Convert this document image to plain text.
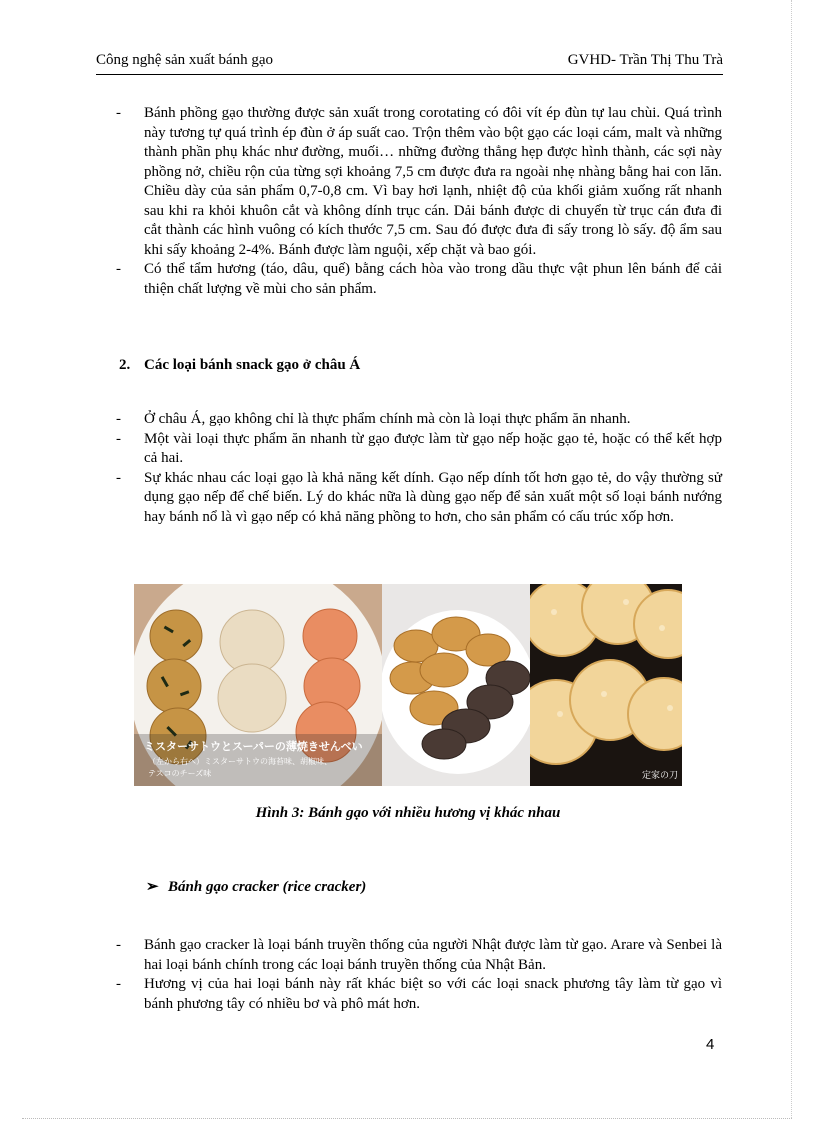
Công nghệ sản xuất bánh gạo	GVHD- Trần Thị Thu Trà
- Bánh phồng gạo thường được sản xuất trong corotating có đôi vít ép đùn tự lau chùi. Quá trình này tương tự quá trình ép đùn ở áp suất cao. Trộn thêm vào bột gạo các loại cám, malt và những thành phần phụ khác như đường, muối… những đường thẳng hẹp được hình thành, các sợi này phồng nở, chiều rộn của từng sợi khoảng 7,5 cm được đưa ra ngoài nhẹ nhàng bằng hai con lăn. Chiều dày của sản phẩm 0,7-0,8 cm. Vì bay hơi lạnh, nhiệt độ của khối giảm xuống rất nhanh sau khi ra khỏi khuôn cắt và không dính trục cán. Dải bánh được di chuyển từ trục cán đưa đi cắt thành các hình vuông có kích thước 7,5 cm. Sau đó được đưa đi sấy trong lò sấy. độ ẩm sau khi sấy khoảng 2-4%. Bánh được làm nguội, xếp chặt và bao gói.
- Có thể tẩm hương (táo, dâu, quế) bằng cách hòa vào trong dầu thực vật phun lên bánh để cải thiện chất lượng về mùi cho sản phẩm.
2. Các loại bánh snack gạo ở châu Á
- Ở châu Á, gạo không chỉ là thực phẩm chính mà còn là loại thực phẩm ăn nhanh.
- Một vài loại thực phẩm ăn nhanh từ gạo được làm từ gạo nếp hoặc gạo tẻ, hoặc có thể kết hợp cả hai.
- Sự khác nhau các loại gạo là khả năng kết dính. Gạo nếp dính tốt hơn gạo tẻ, do vậy thường sử dụng gạo nếp để chế biến. Lý do khác nữa là dùng gạo nếp để sản xuất một số loại bánh nướng hay bánh nổ là vì gạo nếp có khả năng phồng to hơn, cho sản phẩm có cấu trúc xốp hơn.
ミスターサトウとスーパーの薄焼きせんべい
（左から右へ）ミスターサトウの海苔味、胡椒味、
テスコのチーズ味	定家の刀
Hình 3: Bánh gạo với nhiều hương vị khác nhau
➢ Bánh gạo cracker (rice cracker)
- Bánh gạo cracker là loại bánh truyền thống của người Nhật được làm từ gạo. Arare và Senbei là hai loại bánh chính trong các loại bánh truyền thống của Nhật Bản.
- Hương vị của hai loại bánh này rất khác biệt so với các loại snack phương tây làm từ gạo vì bánh phương tây có nhiều bơ và phô mát hơn.
4
